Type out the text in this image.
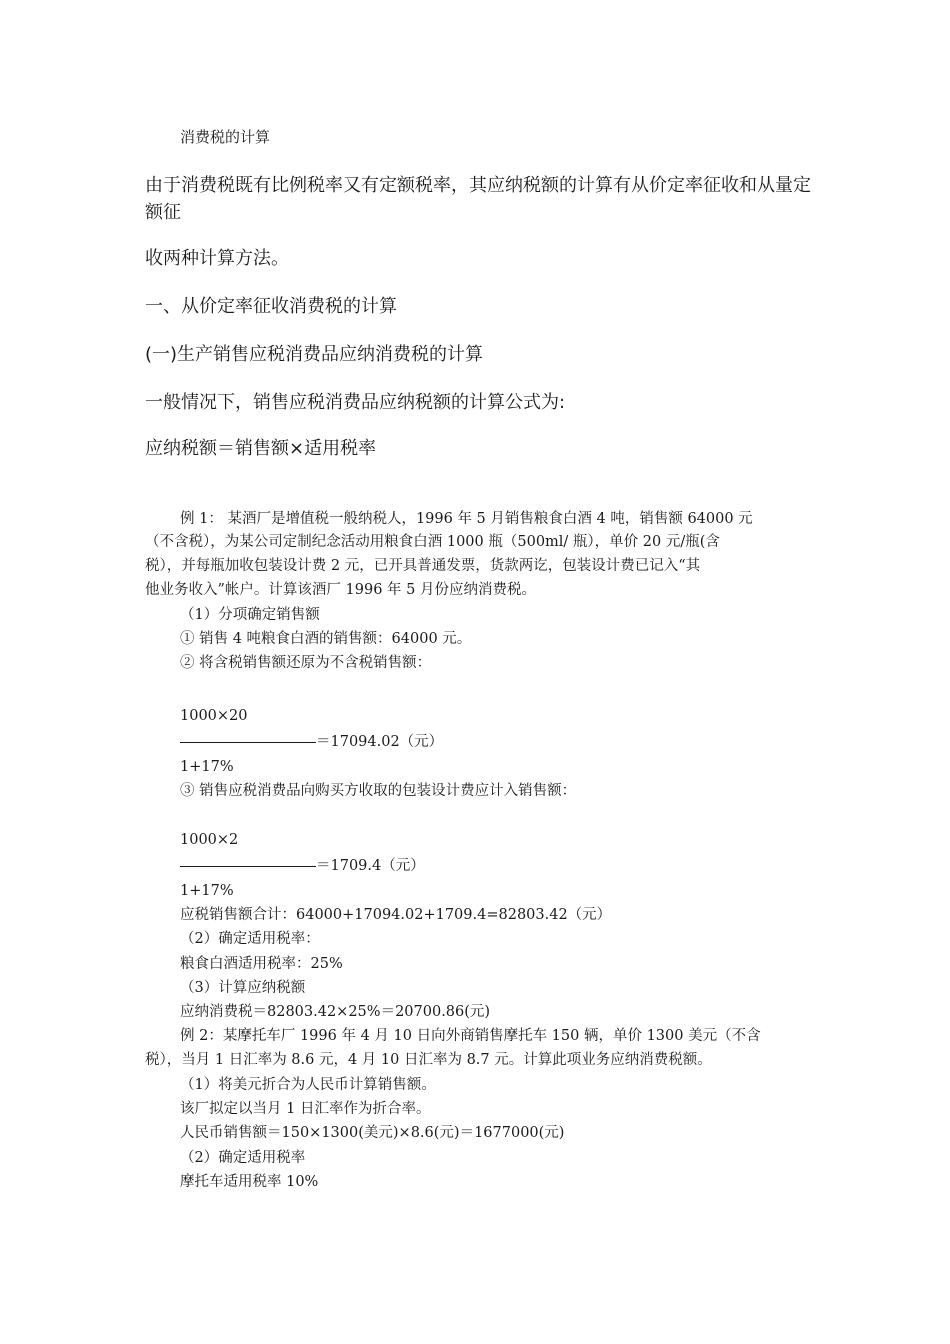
消费税的计算
由于消费税既有比例税率又有定额税率，其应纳税额的计算有从价定率征收和从量定额征
收两种计算方法。
一、从价定率征收消费税的计算
(一)生产销售应税消费品应纳消费税的计算
一般情况下，销售应税消费品应纳税额的计算公式为:
应纳税额＝销售额×适用税率
例 1： 某酒厂是增值税一般纳税人，1996 年 5 月销售粮食白酒 4 吨，销售额 64000 元
（不含税），为某公司定制纪念活动用粮食白酒 1000 瓶（500ml/ 瓶），单价 20 元/瓶(含
税），并每瓶加收包装设计费 2 元，已开具普通发票，货款两讫，包装设计费已记入“其
他业务收入”帐户。计算该酒厂 1996 年 5 月份应纳消费税。
（1）分项确定销售额
① 销售 4 吨粮食白酒的销售额：64000 元。
② 将含税销售额还原为不含税销售额：
1000×20
＝17094.02（元）
1+17%
③ 销售应税消费品向购买方收取的包装设计费应计入销售额：
1000×2
＝1709.4（元）
1+17%
应税销售额合计：64000+17094.02+1709.4=82803.42（元）
（2）确定适用税率：
粮食白酒适用税率：25%
（3）计算应纳税额
应纳消费税＝82803.42×25%＝20700.86(元)
例 2：某摩托车厂 1996 年 4 月 10 日向外商销售摩托车 150 辆，单价 1300 美元（不含
税），当月 1 日汇率为 8.6 元，4 月 10 日汇率为 8.7 元。计算此项业务应纳消费税额。
（1）将美元折合为人民币计算销售额。
该厂拟定以当月 1 日汇率作为折合率。
人民币销售额＝150×1300(美元)×8.6(元)＝1677000(元)
（2）确定适用税率
摩托车适用税率 10%
